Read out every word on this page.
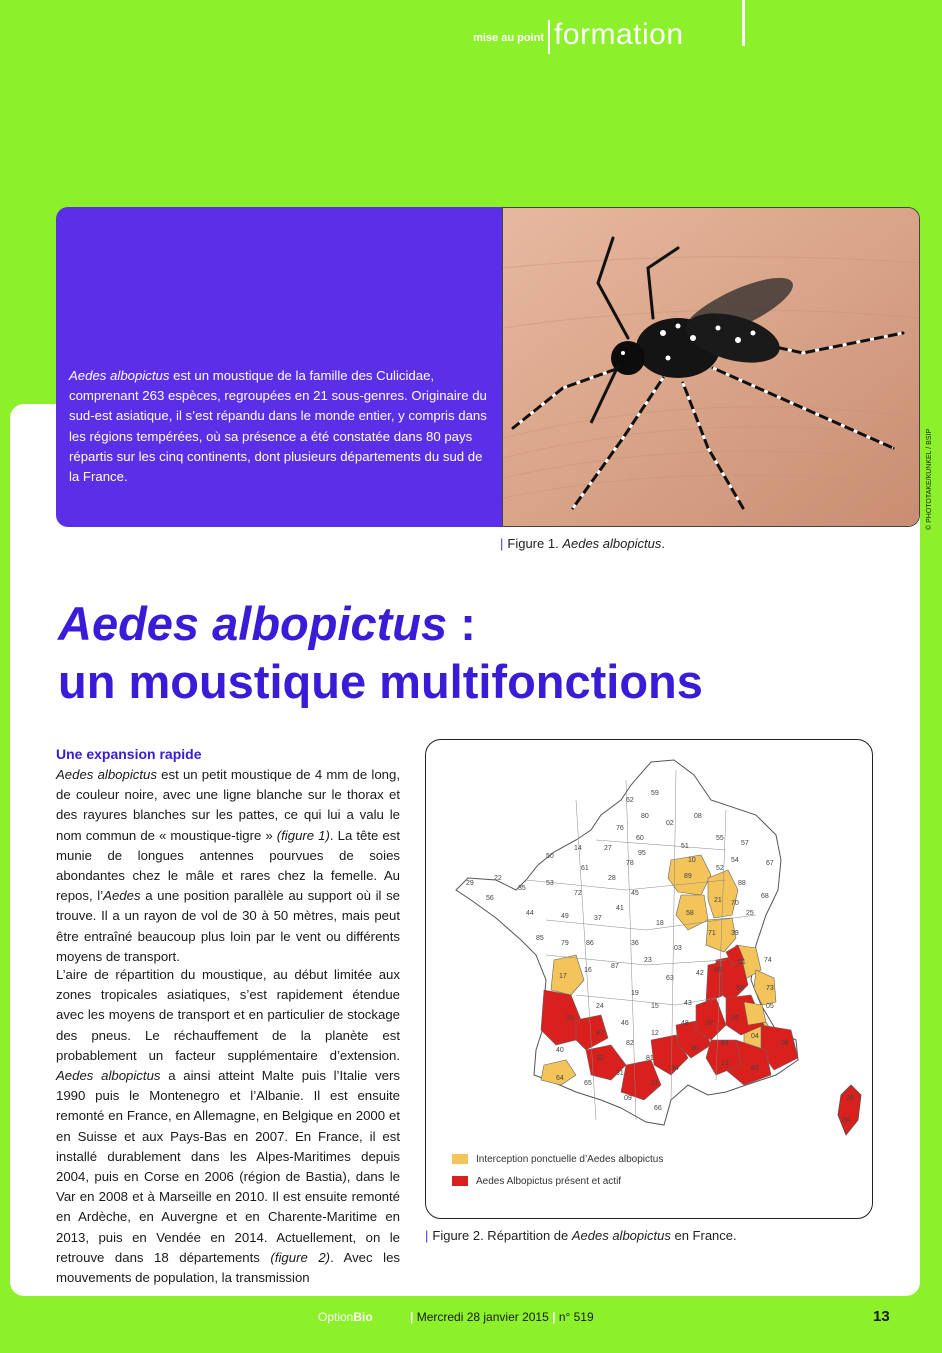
mise au point formation

Aedes albopictus est un moustique de la famille des Culicidae, comprenant 263 espèces, regroupées en 21 sous-genres. Originaire du sud-est asiatique, il s’est répandu dans le monde entier, y compris dans les régions tempérées, où sa présence a été constatée dans 80 pays répartis sur les cinq continents, dont plusieurs départements du sud de la France.	© PHOTOTAKE/KUNKEL / BSIP
| Figure 1. Aedes albopictus.
Aedes albopictus :
un moustique multifonctions
Une expansion rapide

Aedes albopictus est un petit moustique de 4 mm de long, de couleur noire, avec une ligne blanche sur le thorax et des rayures blanches sur les pattes, ce qui lui a valu le nom commun de « moustique-tigre » (figure 1). La tête est munie de longues antennes pourvues de soies abondantes chez le mâle et rares chez la femelle. Au repos, l’Aedes a une position parallèle au support où il se trouve. Il a un rayon de vol de 30 à 50 mètres, mais peut être entraîné beaucoup plus loin par le vent ou différents moyens de transport.

L’aire de répartition du moustique, au début limitée aux zones tropicales asiatiques, s’est rapidement étendue avec les moyens de transport et en particulier de stockage des pneus. Le réchauffement de la planète est probablement un facteur supplémentaire d’extension. Aedes albopictus a ainsi atteint Malte puis l’Italie vers 1990 puis le Montenegro et l’Albanie. Il est ensuite remonté en France, en Allemagne, en Belgique en 2000 et en Suisse et aux Pays-Bas en 2007. En France, il est installé durablement dans les Alpes-Maritimes depuis 2004, puis en Corse en 2006 (région de Bastia), dans le Var en 2008 et à Marseille en 2010. Il est ensuite remonté en Ardèche, en Auvergne et en Charente-Maritime en 2013, puis en Vendée en 2014. Actuellement, on le retrouve dans 18 départements (figure 2). Avec les mouvements de population, la transmission

59
62
76
27
60
02
08
80
14
50
61
78
95
51
55
57
67
54
88
68
29
22
56
35
53
72
28
45
89
10
52
70
21
25
39
71
58
18
41
37
49
44
85
79 86	36
03
01
17
16
87
23
63
42 69
74
73
38
33
24
19
15	43
07
26
05
47
46
12
48
30
84
04
06
40
32
82
81
34
13
83
64
65
31
09
11
66
2B
2A
Interception ponctuelle d’Aedes albopictus
Aedes Albopictus présent et actif
| Figure 2. Répartition de Aedes albopictus en France.
OptionBio	| Mercredi 28 janvier 2015 | n° 519	13
